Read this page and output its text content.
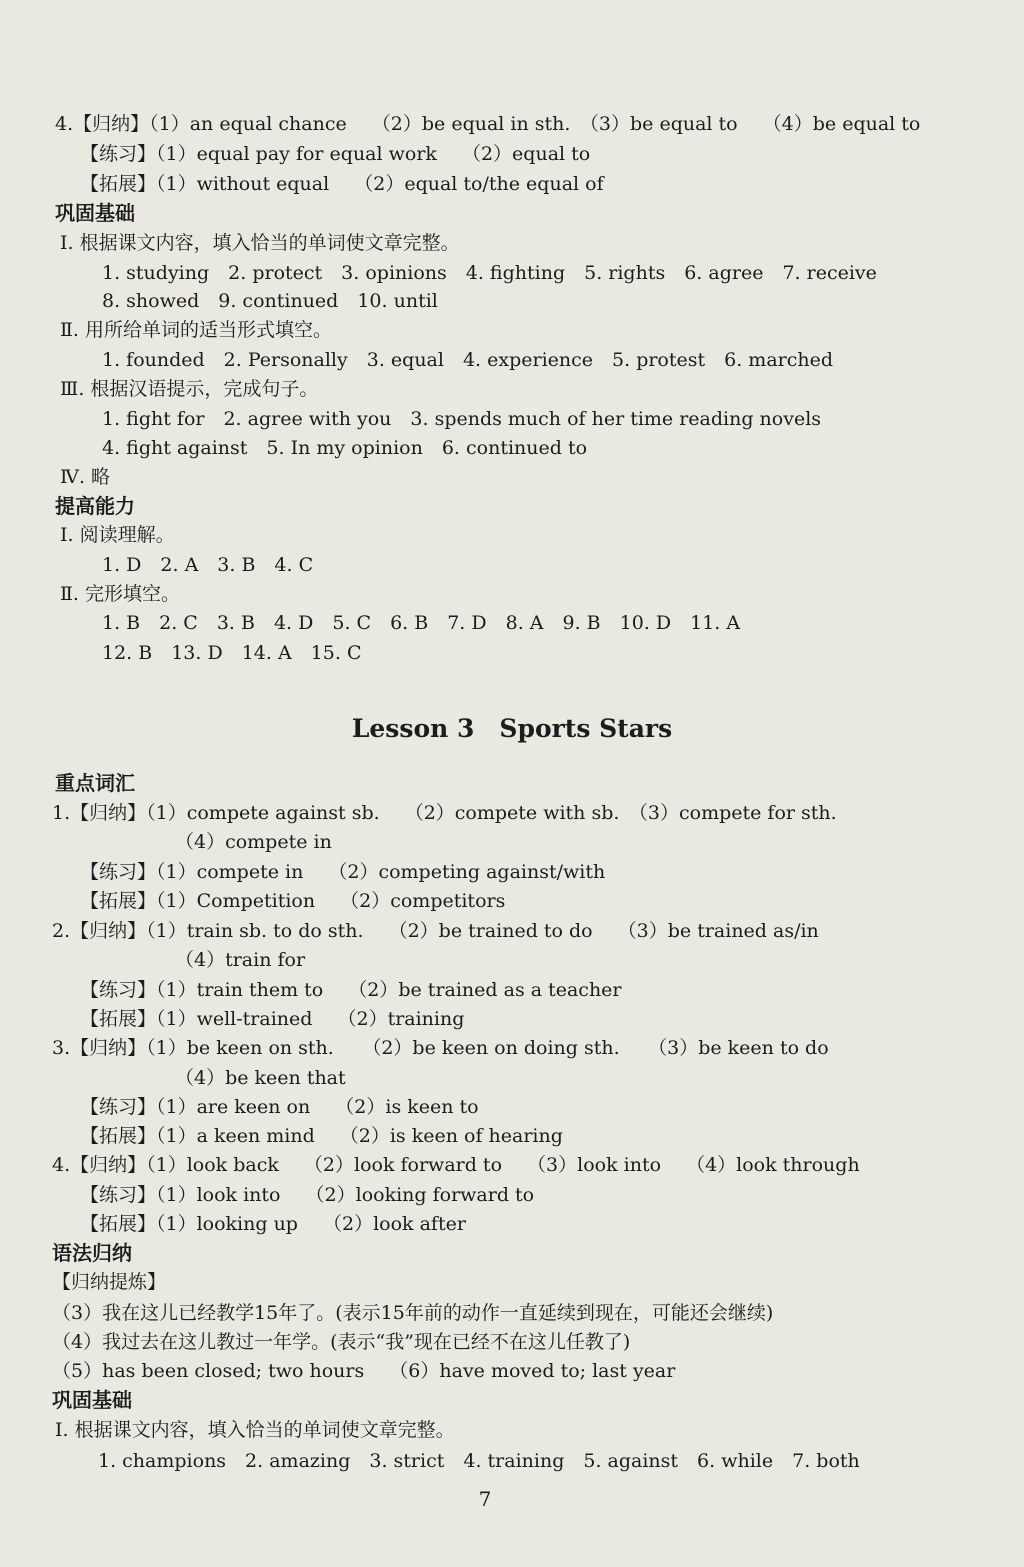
4.【归纳】（1）an equal chance　 （2）be equal in sth.　（3）be equal to　 （4）be equal to
【练习】（1）equal pay for equal work　 （2）equal to
【拓展】（1）without equal　 （2）equal to/the equal of
巩固基础
Ⅰ. 根据课文内容，填入恰当的单词使文章完整。
1. studying　2. protect　3. opinions　4. fighting　5. rights　6. agree　7. receive
8. showed　9. continued　10. until
Ⅱ. 用所给单词的适当形式填空。
1. founded　2. Personally　3. equal　4. experience　5. protest　6. marched
Ⅲ. 根据汉语提示，完成句子。
1. fight for　2. agree with you　3. spends much of her time reading novels
4. fight against　5. In my opinion　6. continued to
Ⅳ. 略
提高能力
Ⅰ. 阅读理解。
1. D　2. A　3. B　4. C
Ⅱ. 完形填空。
1. B　2. C　3. B　4. D　5. C　6. B　7. D　8. A　9. B　10. D　11. A
12. B　13. D　14. A　15. C
Lesson 3　Sports Stars
重点词汇
1.【归纳】（1）compete against sb.　 （2）compete with sb.　（3）compete for sth.
（4）compete in
【练习】（1）compete in　 （2）competing against/with
【拓展】（1）Competition　 （2）competitors
2.【归纳】（1）train sb. to do sth.　 （2）be trained to do　 （3）be trained as/in
（4）train for
【练习】（1）train them to　 （2）be trained as a teacher
【拓展】（1）well-trained　 （2）training
3.【归纳】（1）be keen on sth.　　（2）be keen on doing sth.　　（3）be keen to do
（4）be keen that
【练习】（1）are keen on　 （2）is keen to
【拓展】（1）a keen mind　 （2）is keen of hearing
4.【归纳】（1）look back　 （2）look forward to　 （3）look into　 （4）look through
【练习】（1）look into　 （2）looking forward to
【拓展】（1）looking up　 （2）look after
语法归纳
【归纳提炼】
（3）我在这儿已经教学15年了。(表示15年前的动作一直延续到现在，可能还会继续)
（4）我过去在这儿教过一年学。(表示“我”现在已经不在这儿任教了)
（5）has been closed; two hours　 （6）have moved to; last year
巩固基础
Ⅰ. 根据课文内容，填入恰当的单词使文章完整。
1. champions　2. amazing　3. strict　4. training　5. against　6. while　7. both
7
